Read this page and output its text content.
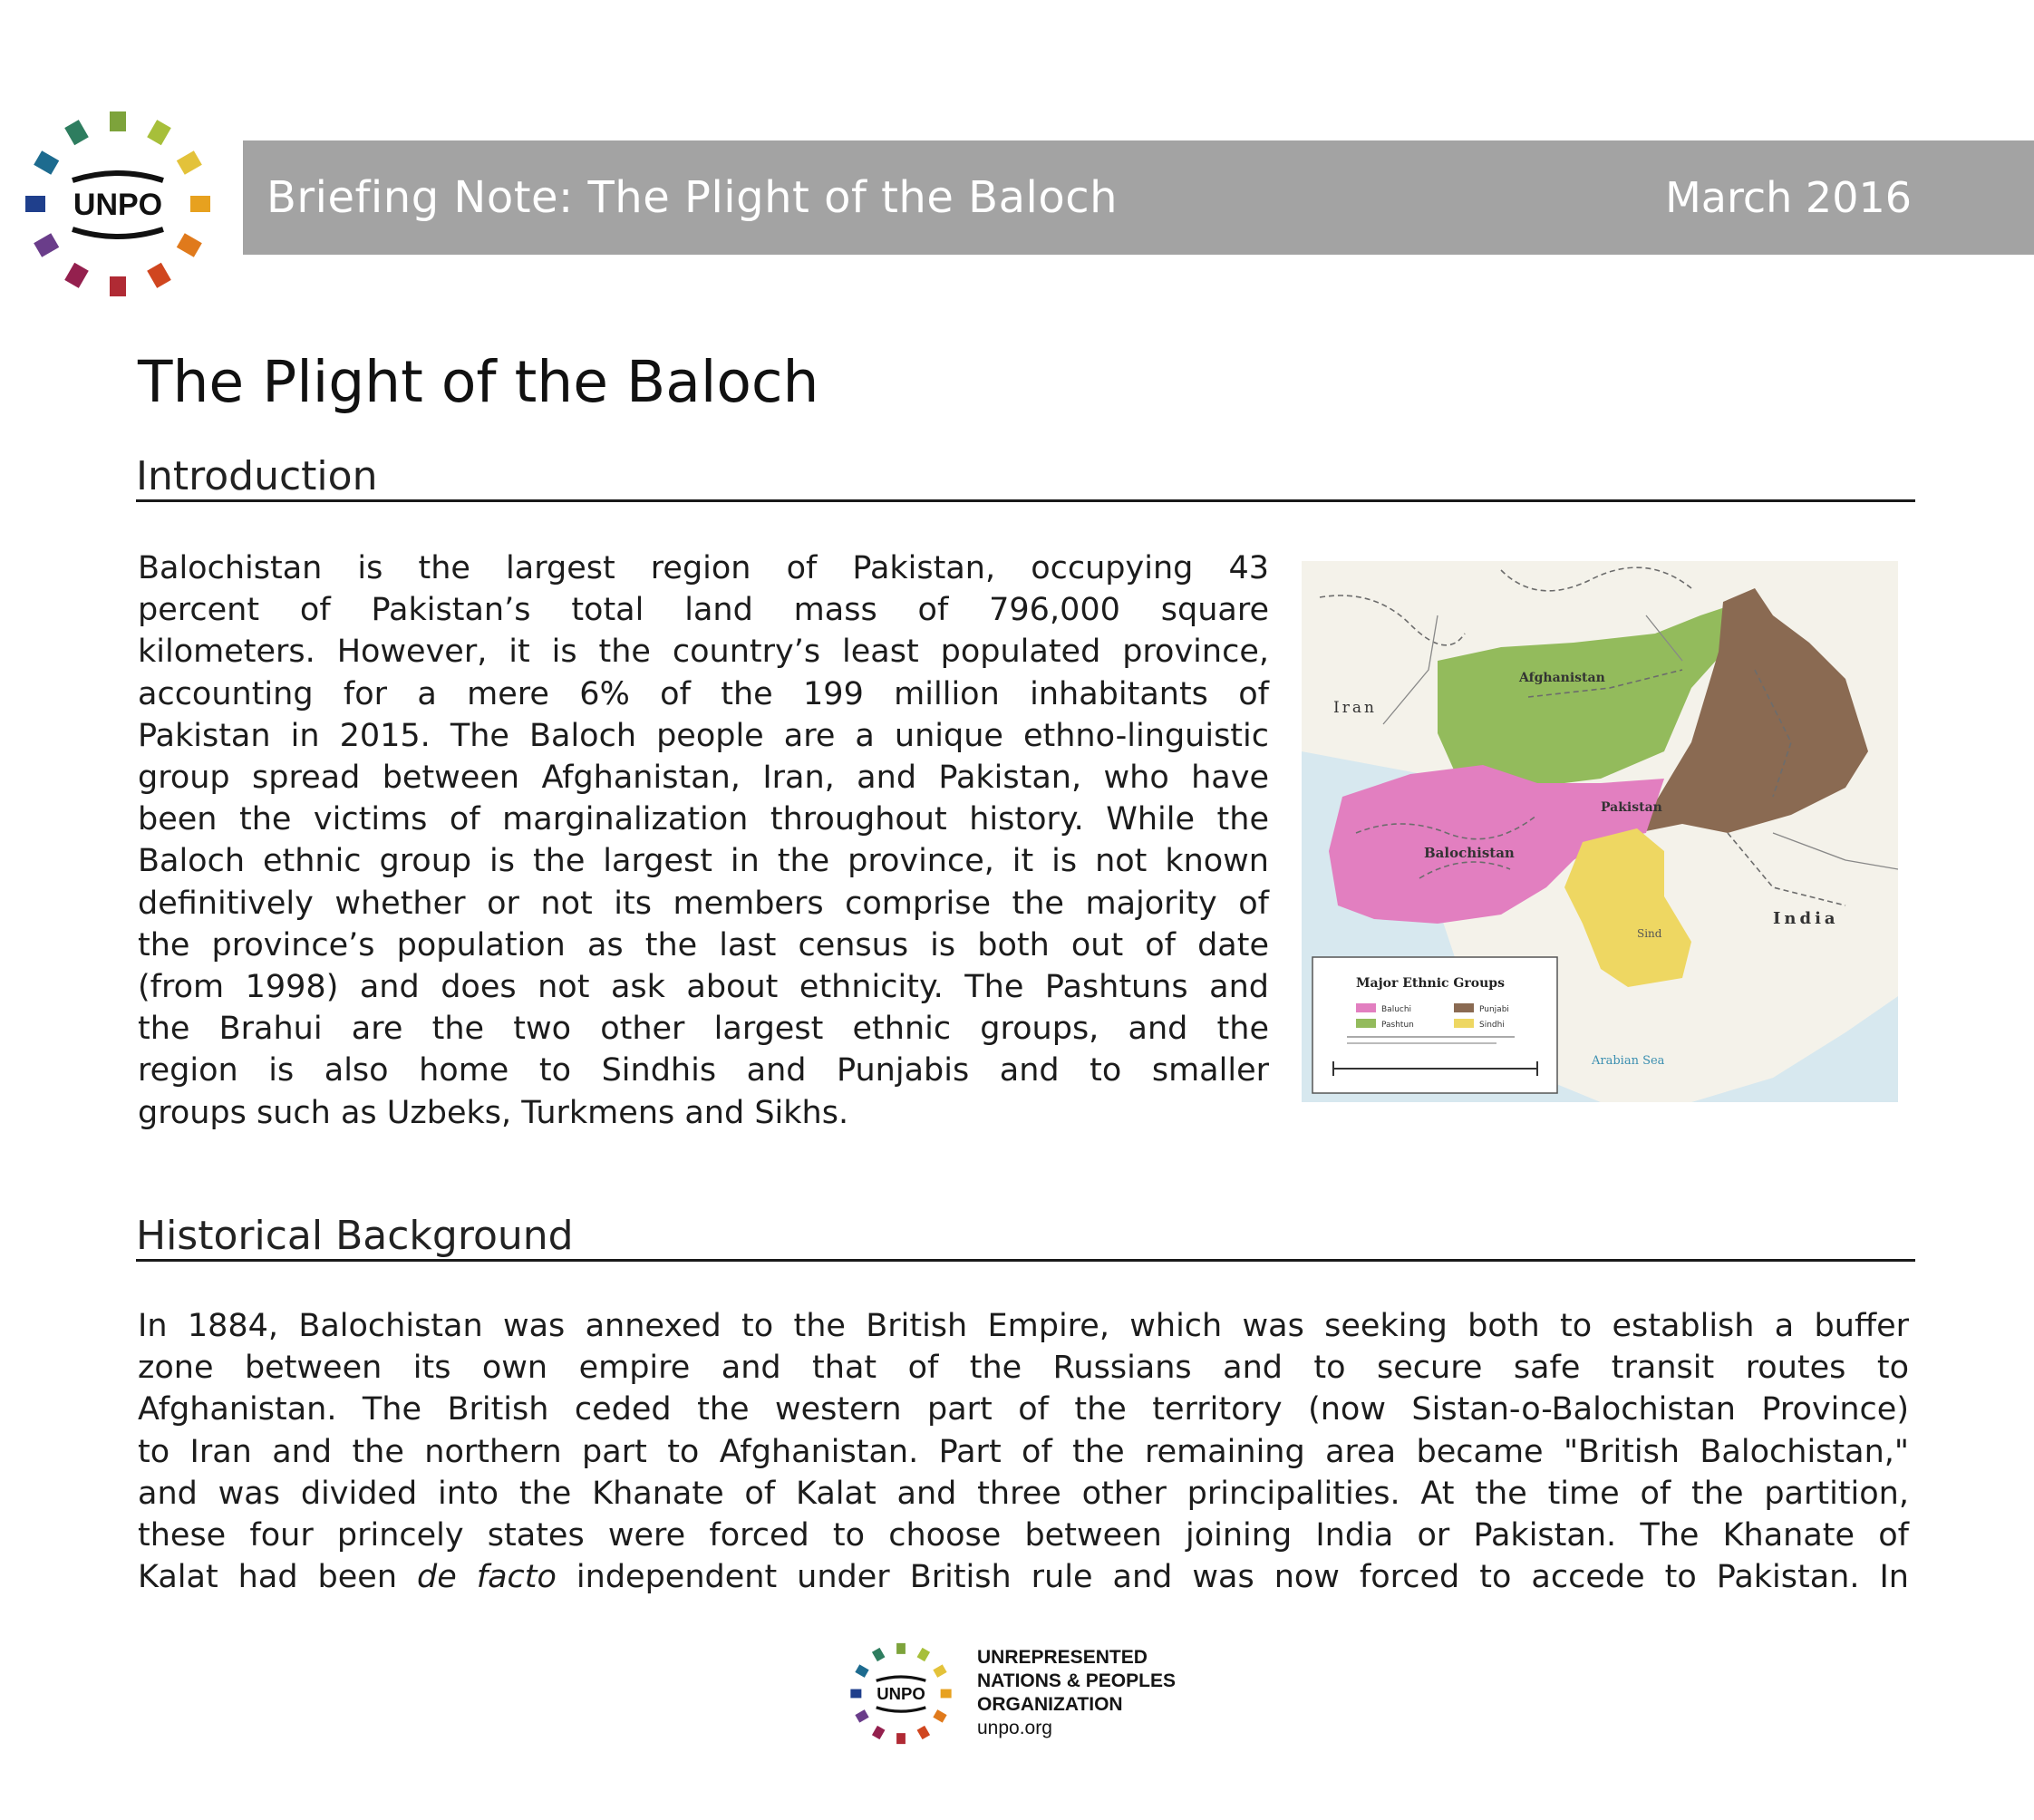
UNPO Briefing Note: The Plight of the Baloch	March 2016
The Plight of the Baloch
Introduction
Balochistan is the largest region of Pakistan, occupying 43
percent of Pakistan’s total land mass of 796,000 square
kilometers. However, it is the country’s least populated province,
accounting for a mere 6% of the 199 million inhabitants of
Pakistan in 2015. The Baloch people are a unique ethno-linguistic
group spread between Afghanistan, Iran, and Pakistan, who have
been the victims of marginalization throughout history. While the
Baloch ethnic group is the largest in the province, it is not known
definitively whether or not its members comprise the majority of
the province’s population as the last census is both out of date
(from 1998) and does not ask about ethnicity. The Pashtuns and
the Brahui are the two other largest ethnic groups, and the
region is also home to Sindhis and Punjabis and to smaller
groups such as Uzbeks, Turkmens and Sikhs.
Iran
Afghanistan
Pakistan
Balochistan
India
Sind
Arabian Sea
Major Ethnic Groups
Baluchi	Punjabi
Pashtun	Sindhi
Historical Background
In 1884, Balochistan was annexed to the British Empire, which was seeking both to establish a buffer
zone between its own empire and that of the Russians and to secure safe transit routes to
Afghanistan. The British ceded the western part of the territory (now Sistan-o-Balochistan Province)
to Iran and the northern part to Afghanistan. Part of the remaining area became "British Balochistan,"
and was divided into the Khanate of Kalat and three other principalities. At the time of the partition,
these four princely states were forced to choose between joining India or Pakistan. The Khanate of
Kalat had been de facto independent under British rule and was now forced to accede to Pakistan. In
UNPO
UNREPRESENTED
NATIONS & PEOPLES
ORGANIZATION
unpo.org
